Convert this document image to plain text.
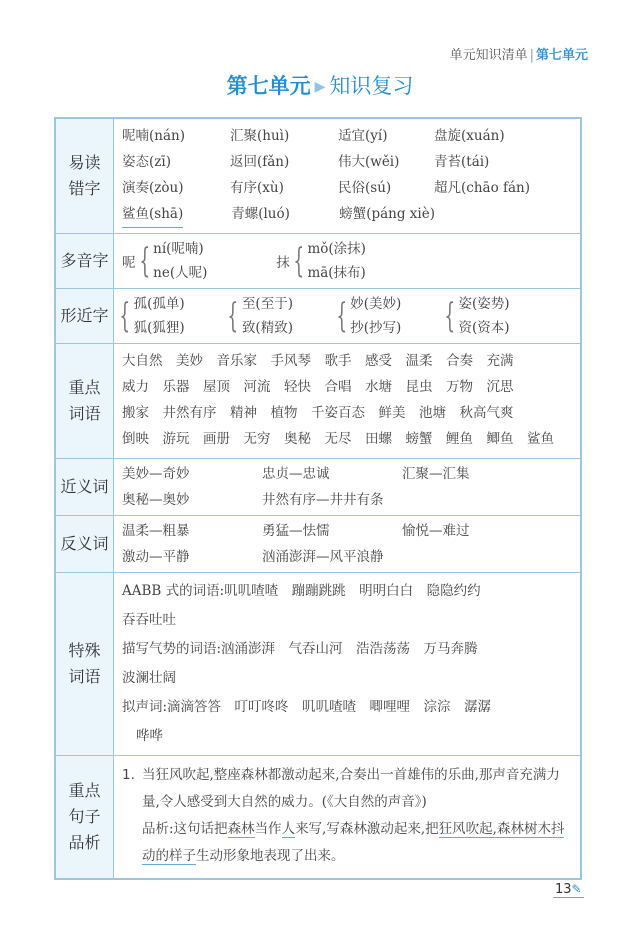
单元知识清单 | 第七单元
第七单元 ▶ 知识复习
易读
错字

呢喃(nán)	汇聚(huì)	适宜(yí)	盘旋(xuán)
姿态(zī)	返回(fǎn)	伟大(wěi)	青苔(tái)
演奏(zòu)	有序(xù)	民俗(sú)	超凡(chāo fán)
鲨鱼(shā)	青螺(luó)	螃蟹(páng xiè)

多音字	呢 { ní(呢喃)
ne(人呢)

抹 { mǒ(涂抹)
mā(抹布)

形近字	{ 孤(孤单)
狐(狐狸)
{ 至(至于)
致(精致)
{ 妙(美妙)
抄(抄写)
{ 姿(姿势)
资(资本)

重点
词语

大自然　美妙　音乐家　手风琴　歌手　感受　温柔　合奏　充满
威力　乐器　屋顶　河流　轻快　合唱　水塘　昆虫　万物　沉思
搬家　井然有序　精神　植物　千姿百态　鲜美　池塘　秋高气爽
倒映　游玩　画册　无穷　奥秘　无尽　田螺　螃蟹　鲤鱼　鲫鱼　鲨鱼

近义词	美妙—奇妙 忠贞—忠诚 汇聚—汇集
奥秘—奥妙 井然有序—井井有条

反义词	温柔—粗暴 勇猛—怯懦 愉悦—难过
激动—平静 汹涌澎湃—风平浪静

特殊
词语

AABB 式的词语:叽叽喳喳　蹦蹦跳跳　明明白白　隐隐约约
吞吞吐吐
描写气势的词语:汹涌澎湃　气吞山河　浩浩荡荡　万马奔腾
波澜壮阔
拟声词:滴滴答答　叮叮咚咚　叽叽喳喳　唧哩哩　淙淙　潺潺
哗哗

重点
句子
品析

1. 当狂风吹起,整座森林都激动起来,合奏出一首雄伟的乐曲,那声音充满力量,令人感受到大自然的威力。(《大自然的声音》)
品析:这句话把森林当作人来写,写森林激动起来,把狂风吹起,森林树木抖动的样子生动形象地表现了出来。
13✎
